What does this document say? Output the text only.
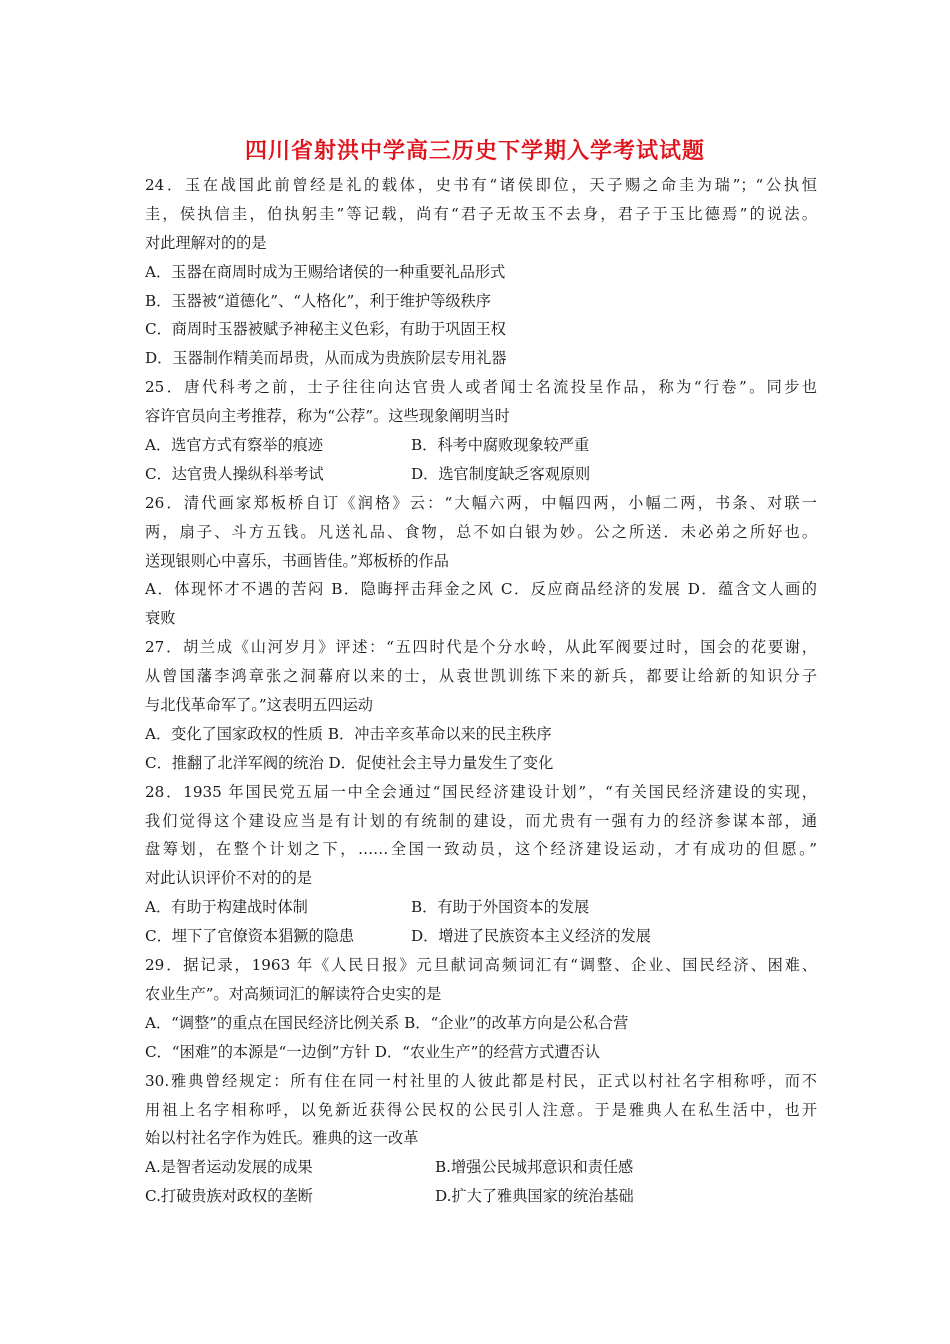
四川省射洪中学高三历史下学期入学考试试题
24．玉在战国此前曾经是礼的载体，史书有“诸侯即位，天子赐之命圭为瑞”；“公执恒
圭，侯执信圭，伯执躬圭”等记载，尚有“君子无故玉不去身，君子于玉比德焉”的说法。
对此理解对的的是
A．玉器在商周时成为王赐给诸侯的一种重要礼品形式
B．玉器被“道德化”、“人格化”，利于维护等级秩序
C．商周时玉器被赋予神秘主义色彩，有助于巩固王权
D．玉器制作精美而昂贵，从而成为贵族阶层专用礼器
25．唐代科考之前，士子往往向达官贵人或者闻士名流投呈作品，称为“行卷”。同步也
容许官员向主考推荐，称为“公荐”。这些现象阐明当时
A．选官方式有察举的痕迹	B．科考中腐败现象较严重
C．达官贵人操纵科举考试	D．选官制度缺乏客观原则
26．清代画家郑板桥自订《润格》云：“大幅六两，中幅四两，小幅二两，书条、对联一
两，扇子、斗方五钱。凡送礼品、食物，总不如白银为妙。公之所送．未必弟之所好也。
送现银则心中喜乐，书画皆佳。”郑板桥的作品
A．体现怀才不遇的苦闷 B．隐晦抨击拜金之风 C．反应商品经济的发展 D．蕴含文人画的
衰败
27．胡兰成《山河岁月》评述：“五四时代是个分水岭，从此军阀要过时，国会的花要谢，
从曾国藩李鸿章张之洞幕府以来的士，从袁世凯训练下来的新兵，都要让给新的知识分子
与北伐革命军了。”这表明五四运动
A．变化了国家政权的性质 B．冲击辛亥革命以来的民主秩序
C．推翻了北洋军阀的统治 D．促使社会主导力量发生了变化
28．1935 年国民党五届一中全会通过“国民经济建设计划”，“有关国民经济建设的实现，
我们觉得这个建设应当是有计划的有统制的建设，而尤贵有一强有力的经济参谋本部，通
盘筹划，在整个计划之下，……全国一致动员，这个经济建设运动，才有成功的但愿。”
对此认识评价不对的的是
A．有助于构建战时体制	B．有助于外国资本的发展
C．埋下了官僚资本猖獗的隐患	D．增进了民族资本主义经济的发展
29．据记录，1963 年《人民日报》元旦献词高频词汇有“调整、企业、国民经济、困难、
农业生产”。对高频词汇的解读符合史实的是
A．“调整”的重点在国民经济比例关系 B．“企业”的改革方向是公私合营
C．“困难”的本源是“一边倒”方针 D．“农业生产”的经营方式遭否认
30.雅典曾经规定：所有住在同一村社里的人彼此都是村民，正式以村社名字相称呼，而不
用祖上名字相称呼，以免新近获得公民权的公民引人注意。于是雅典人在私生活中，也开
始以村社名字作为姓氏。雅典的这一改革
A.是智者运动发展的成果	B.增强公民城邦意识和责任感
C.打破贵族对政权的垄断	D.扩大了雅典国家的统治基础
